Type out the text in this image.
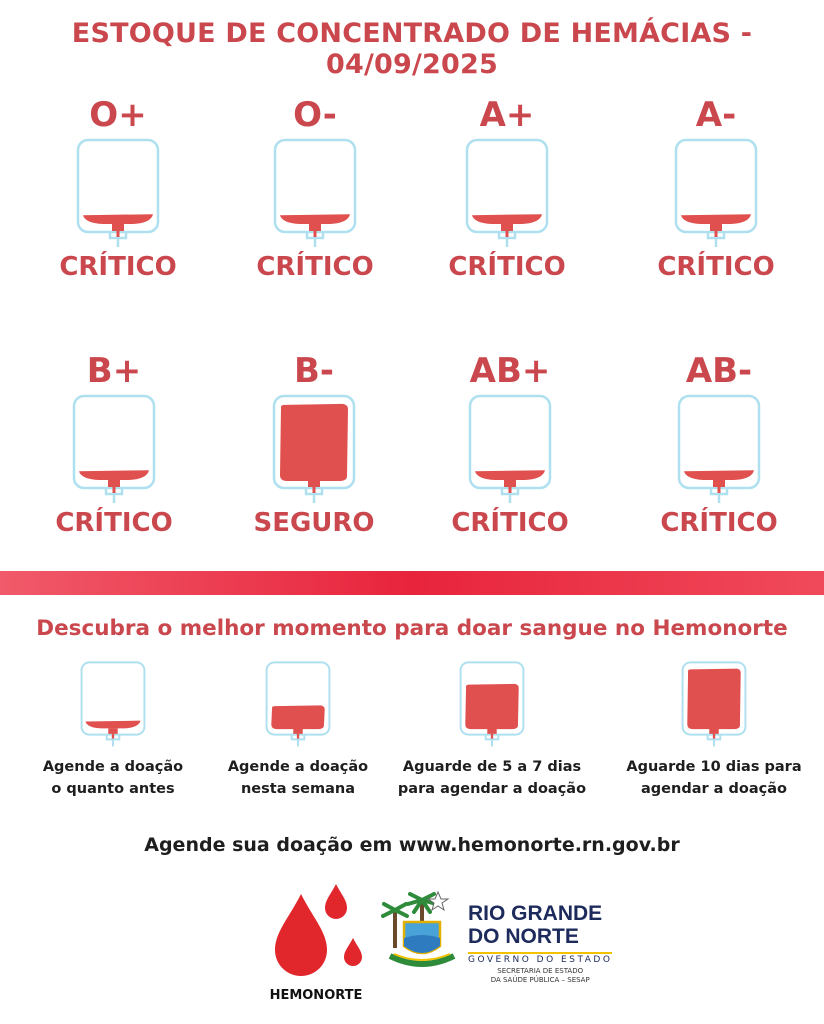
ESTOQUE DE CONCENTRADO DE HEMÁCIAS - 04/09/2025
O+
CRÍTICO
O-
CRÍTICO
A+
CRÍTICO
A-
CRÍTICO
B+
CRÍTICO
B-
SEGURO
AB+
CRÍTICO
AB-
CRÍTICO
Descubra o melhor momento para doar sangue no Hemonorte
Agende a doação
o quanto antes
Agende a doação
nesta semana
Aguarde de 5 a 7 dias
para agendar a doação
Aguarde 10 dias para
agendar a doação
Agende sua doação em www.hemonorte.rn.gov.br
HEMONORTE
RIO GRANDE
DO NORTE
GOVERNO DO ESTADO
SECRETARIA DE ESTADO
DA SAÚDE PÚBLICA – SESAP
